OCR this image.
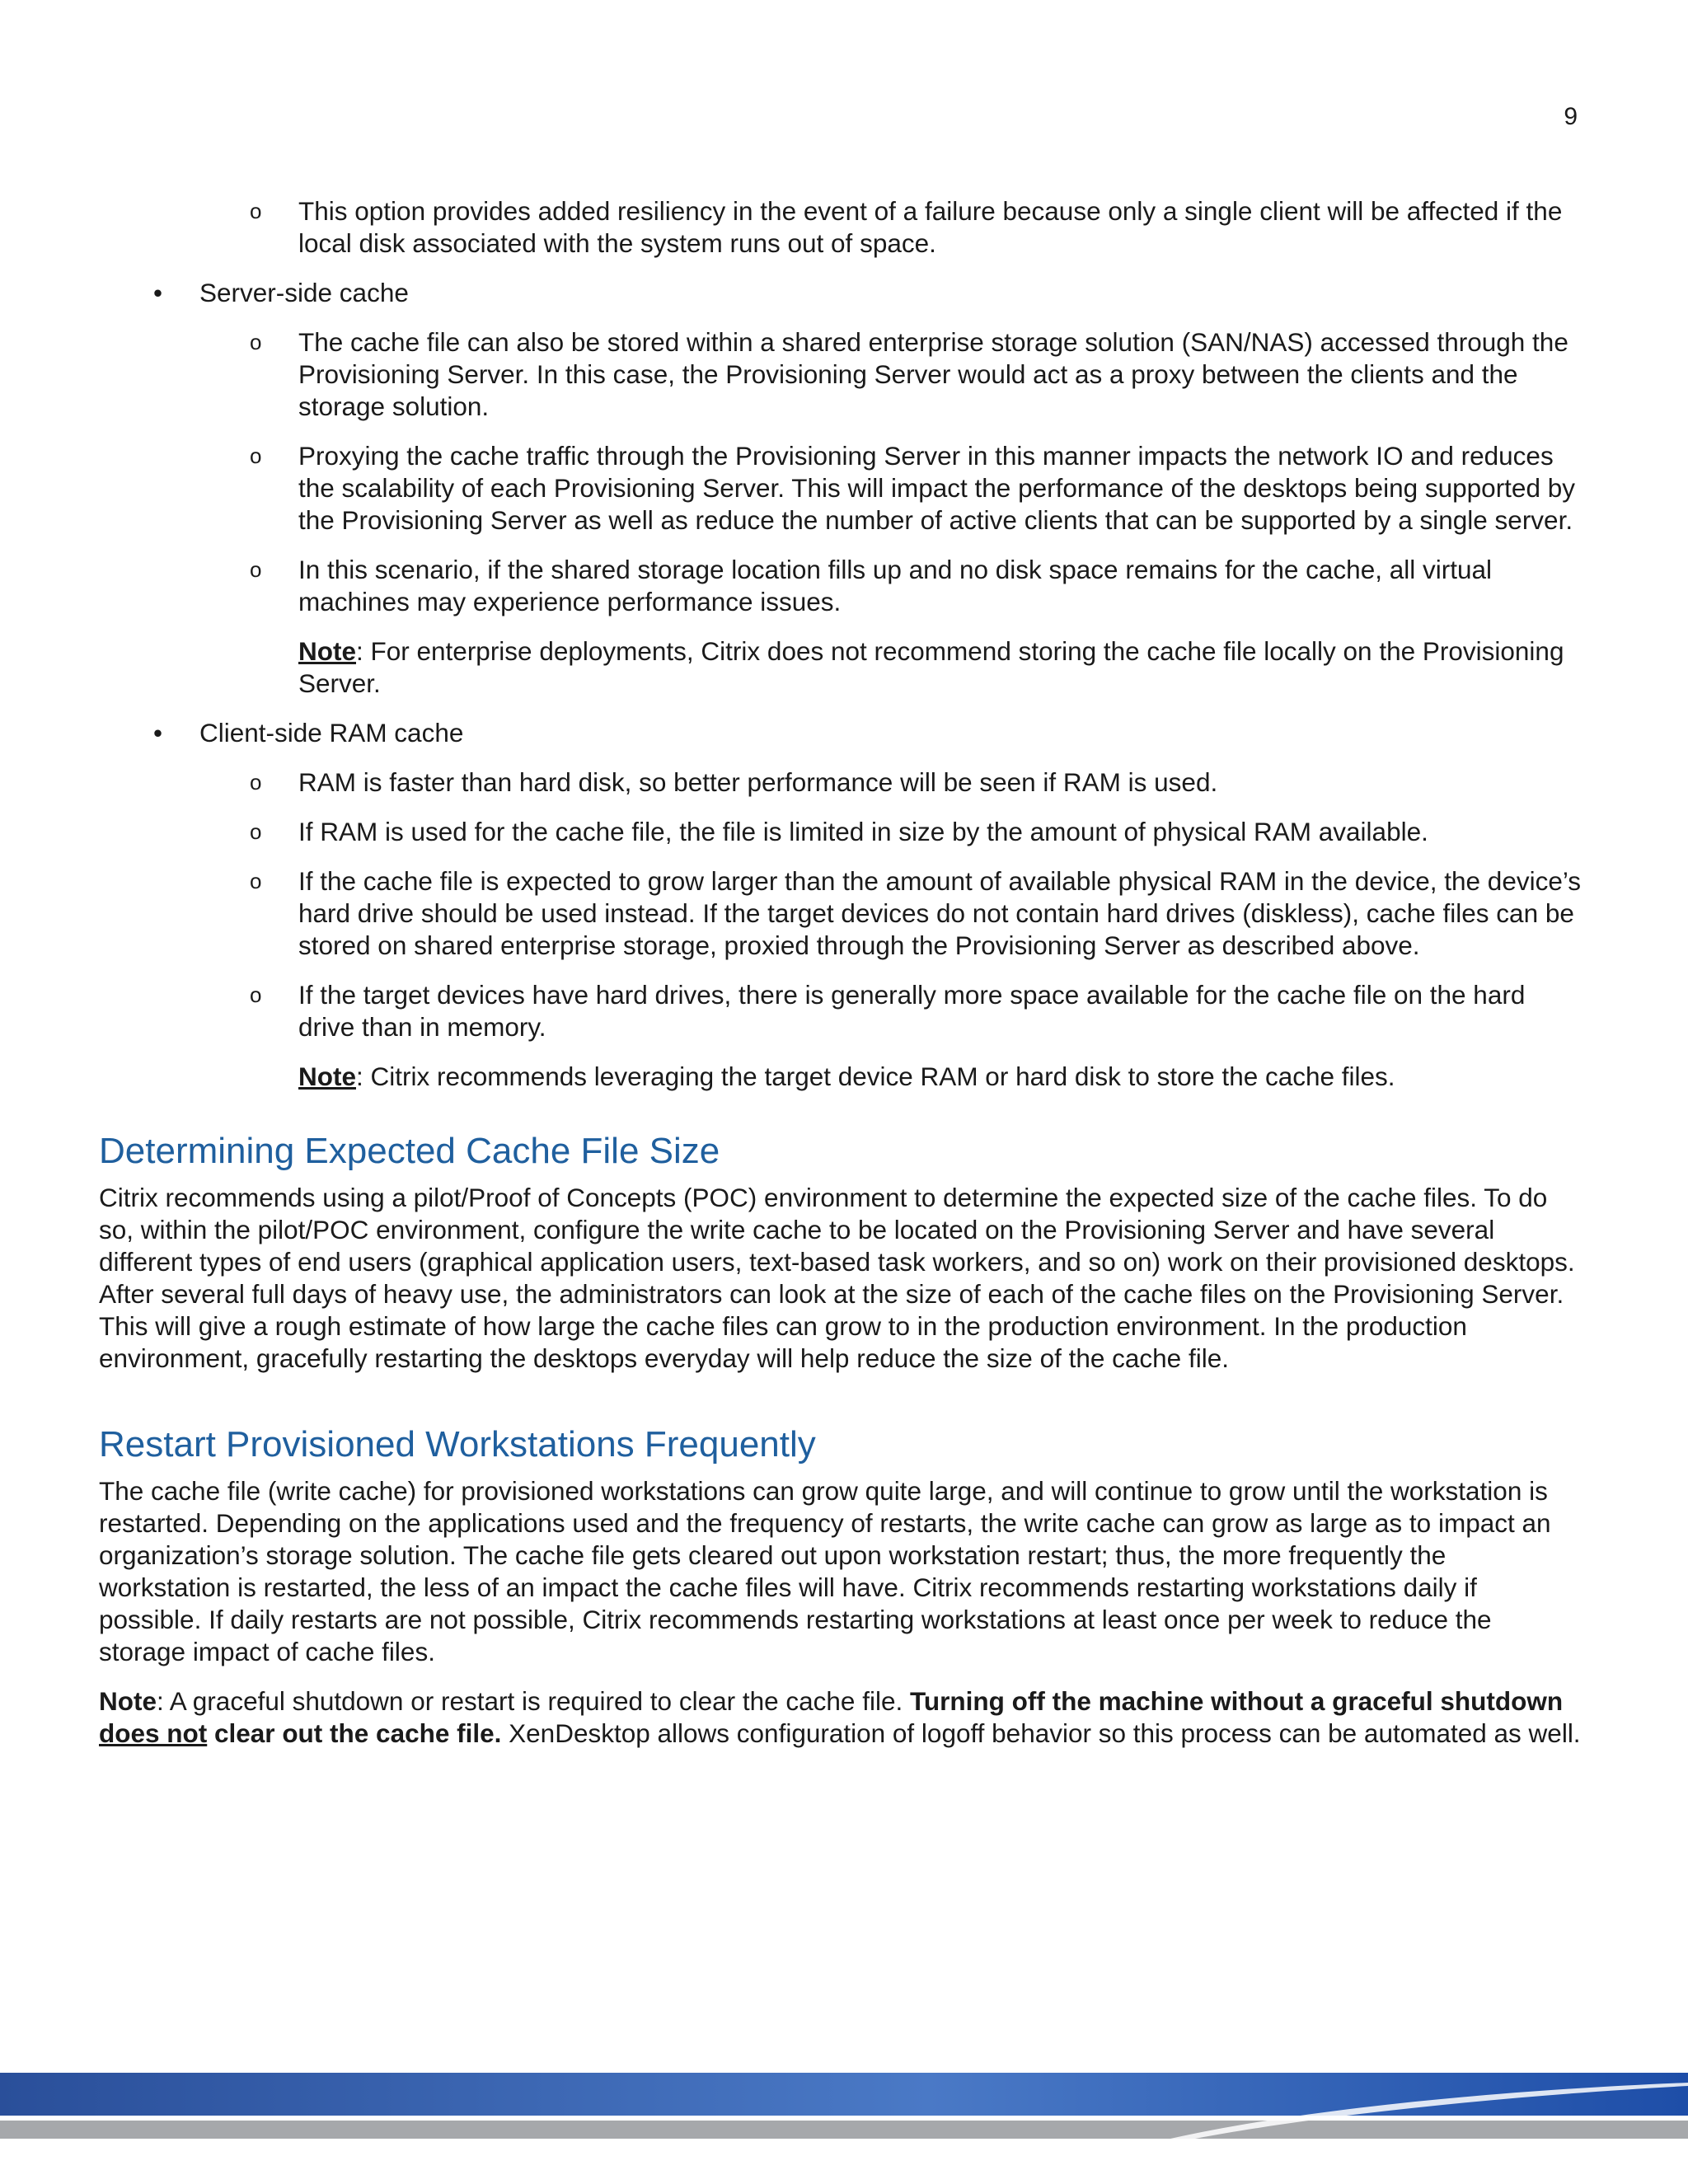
9
o This option provides added resiliency in the event of a failure because only a single client will be affected if the local disk associated with the system runs out of space.

• Server-side cache

o The cache file can also be stored within a shared enterprise storage solution (SAN/NAS) accessed through the Provisioning Server. In this case, the Provisioning Server would act as a proxy between the clients and the storage solution.

o Proxying the cache traffic through the Provisioning Server in this manner impacts the network IO and reduces the scalability of each Provisioning Server. This will impact the performance of the desktops being supported by the Provisioning Server as well as reduce the number of active clients that can be supported by a single server.

o In this scenario, if the shared storage location fills up and no disk space remains for the cache, all virtual machines may experience performance issues.

Note: For enterprise deployments, Citrix does not recommend storing the cache file locally on the Provisioning Server.

• Client-side RAM cache

o RAM is faster than hard disk, so better performance will be seen if RAM is used.

o If RAM is used for the cache file, the file is limited in size by the amount of physical RAM available.

o If the cache file is expected to grow larger than the amount of available physical RAM in the device, the device’s hard drive should be used instead. If the target devices do not contain hard drives (diskless), cache files can be stored on shared enterprise storage, proxied through the Provisioning Server as described above.

o If the target devices have hard drives, there is generally more space available for the cache file on the hard drive than in memory.

Note: Citrix recommends leveraging the target device RAM or hard disk to store the cache files.

Determining Expected Cache File Size

Citrix recommends using a pilot/Proof of Concepts (POC) environment to determine the expected size of the cache files. To do so, within the pilot/POC environment, configure the write cache to be located on the Provisioning Server and have several different types of end users (graphical application users, text-based task workers, and so on) work on their provisioned desktops. After several full days of heavy use, the administrators can look at the size of each of the cache files on the Provisioning Server. This will give a rough estimate of how large the cache files can grow to in the production environment. In the production environment, gracefully restarting the desktops everyday will help reduce the size of the cache file.

Restart Provisioned Workstations Frequently

The cache file (write cache) for provisioned workstations can grow quite large, and will continue to grow until the workstation is restarted. Depending on the applications used and the frequency of restarts, the write cache can grow as large as to impact an organization’s storage solution. The cache file gets cleared out upon workstation restart; thus, the more frequently the workstation is restarted, the less of an impact the cache files will have. Citrix recommends restarting workstations daily if possible. If daily restarts are not possible, Citrix recommends restarting workstations at least once per week to reduce the storage impact of cache files.

Note: A graceful shutdown or restart is required to clear the cache file. Turning off the machine without a graceful shutdown does not clear out the cache file. XenDesktop allows configuration of logoff behavior so this process can be automated as well.
